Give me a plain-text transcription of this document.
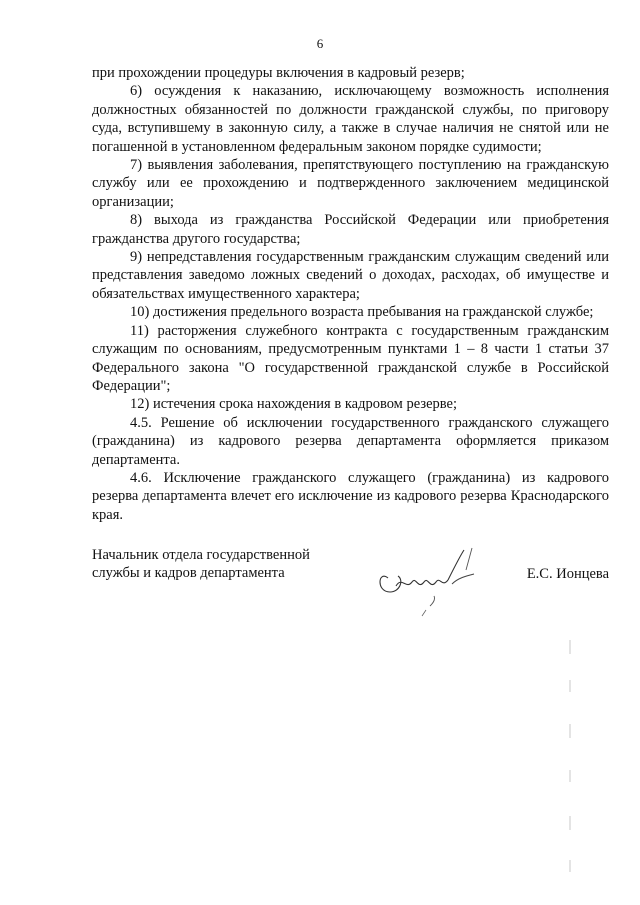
6

при прохождении процедуры включения в кадровый резерв;

6) осуждения к наказанию, исключающему возможность исполнения должностных обязанностей по должности гражданской службы, по приговору суда, вступившему в законную силу, а также в случае наличия не снятой или не погашенной в установленном федеральным законом порядке судимости;

7) выявления заболевания, препятствующего поступлению на гражданскую службу или ее прохождению и подтвержденного заключением медицинской организации;

8) выхода из гражданства Российской Федерации или приобретения гражданства другого государства;

9) непредставления государственным гражданским служащим сведений или представления заведомо ложных сведений о доходах, расходах, об имуществе и обязательствах имущественного характера;

10) достижения предельного возраста пребывания на гражданской службе;

11) расторжения служебного контракта с государственным гражданским служащим по основаниям, предусмотренным пунктами 1 – 8 части 1 статьи 37 Федерального закона "О государственной гражданской службе в Российской Федерации";

12) истечения срока нахождения в кадровом резерве;

4.5. Решение об исключении государственного гражданского служащего (гражданина) из кадрового резерва департамента оформляется приказом департамента.

4.6. Исключение гражданского служащего (гражданина) из кадрового резерва департамента влечет его исключение из кадрового резерва Краснодарского края.

Начальник отдела государственной
службы и кадров департамента	Е.С. Ионцева
